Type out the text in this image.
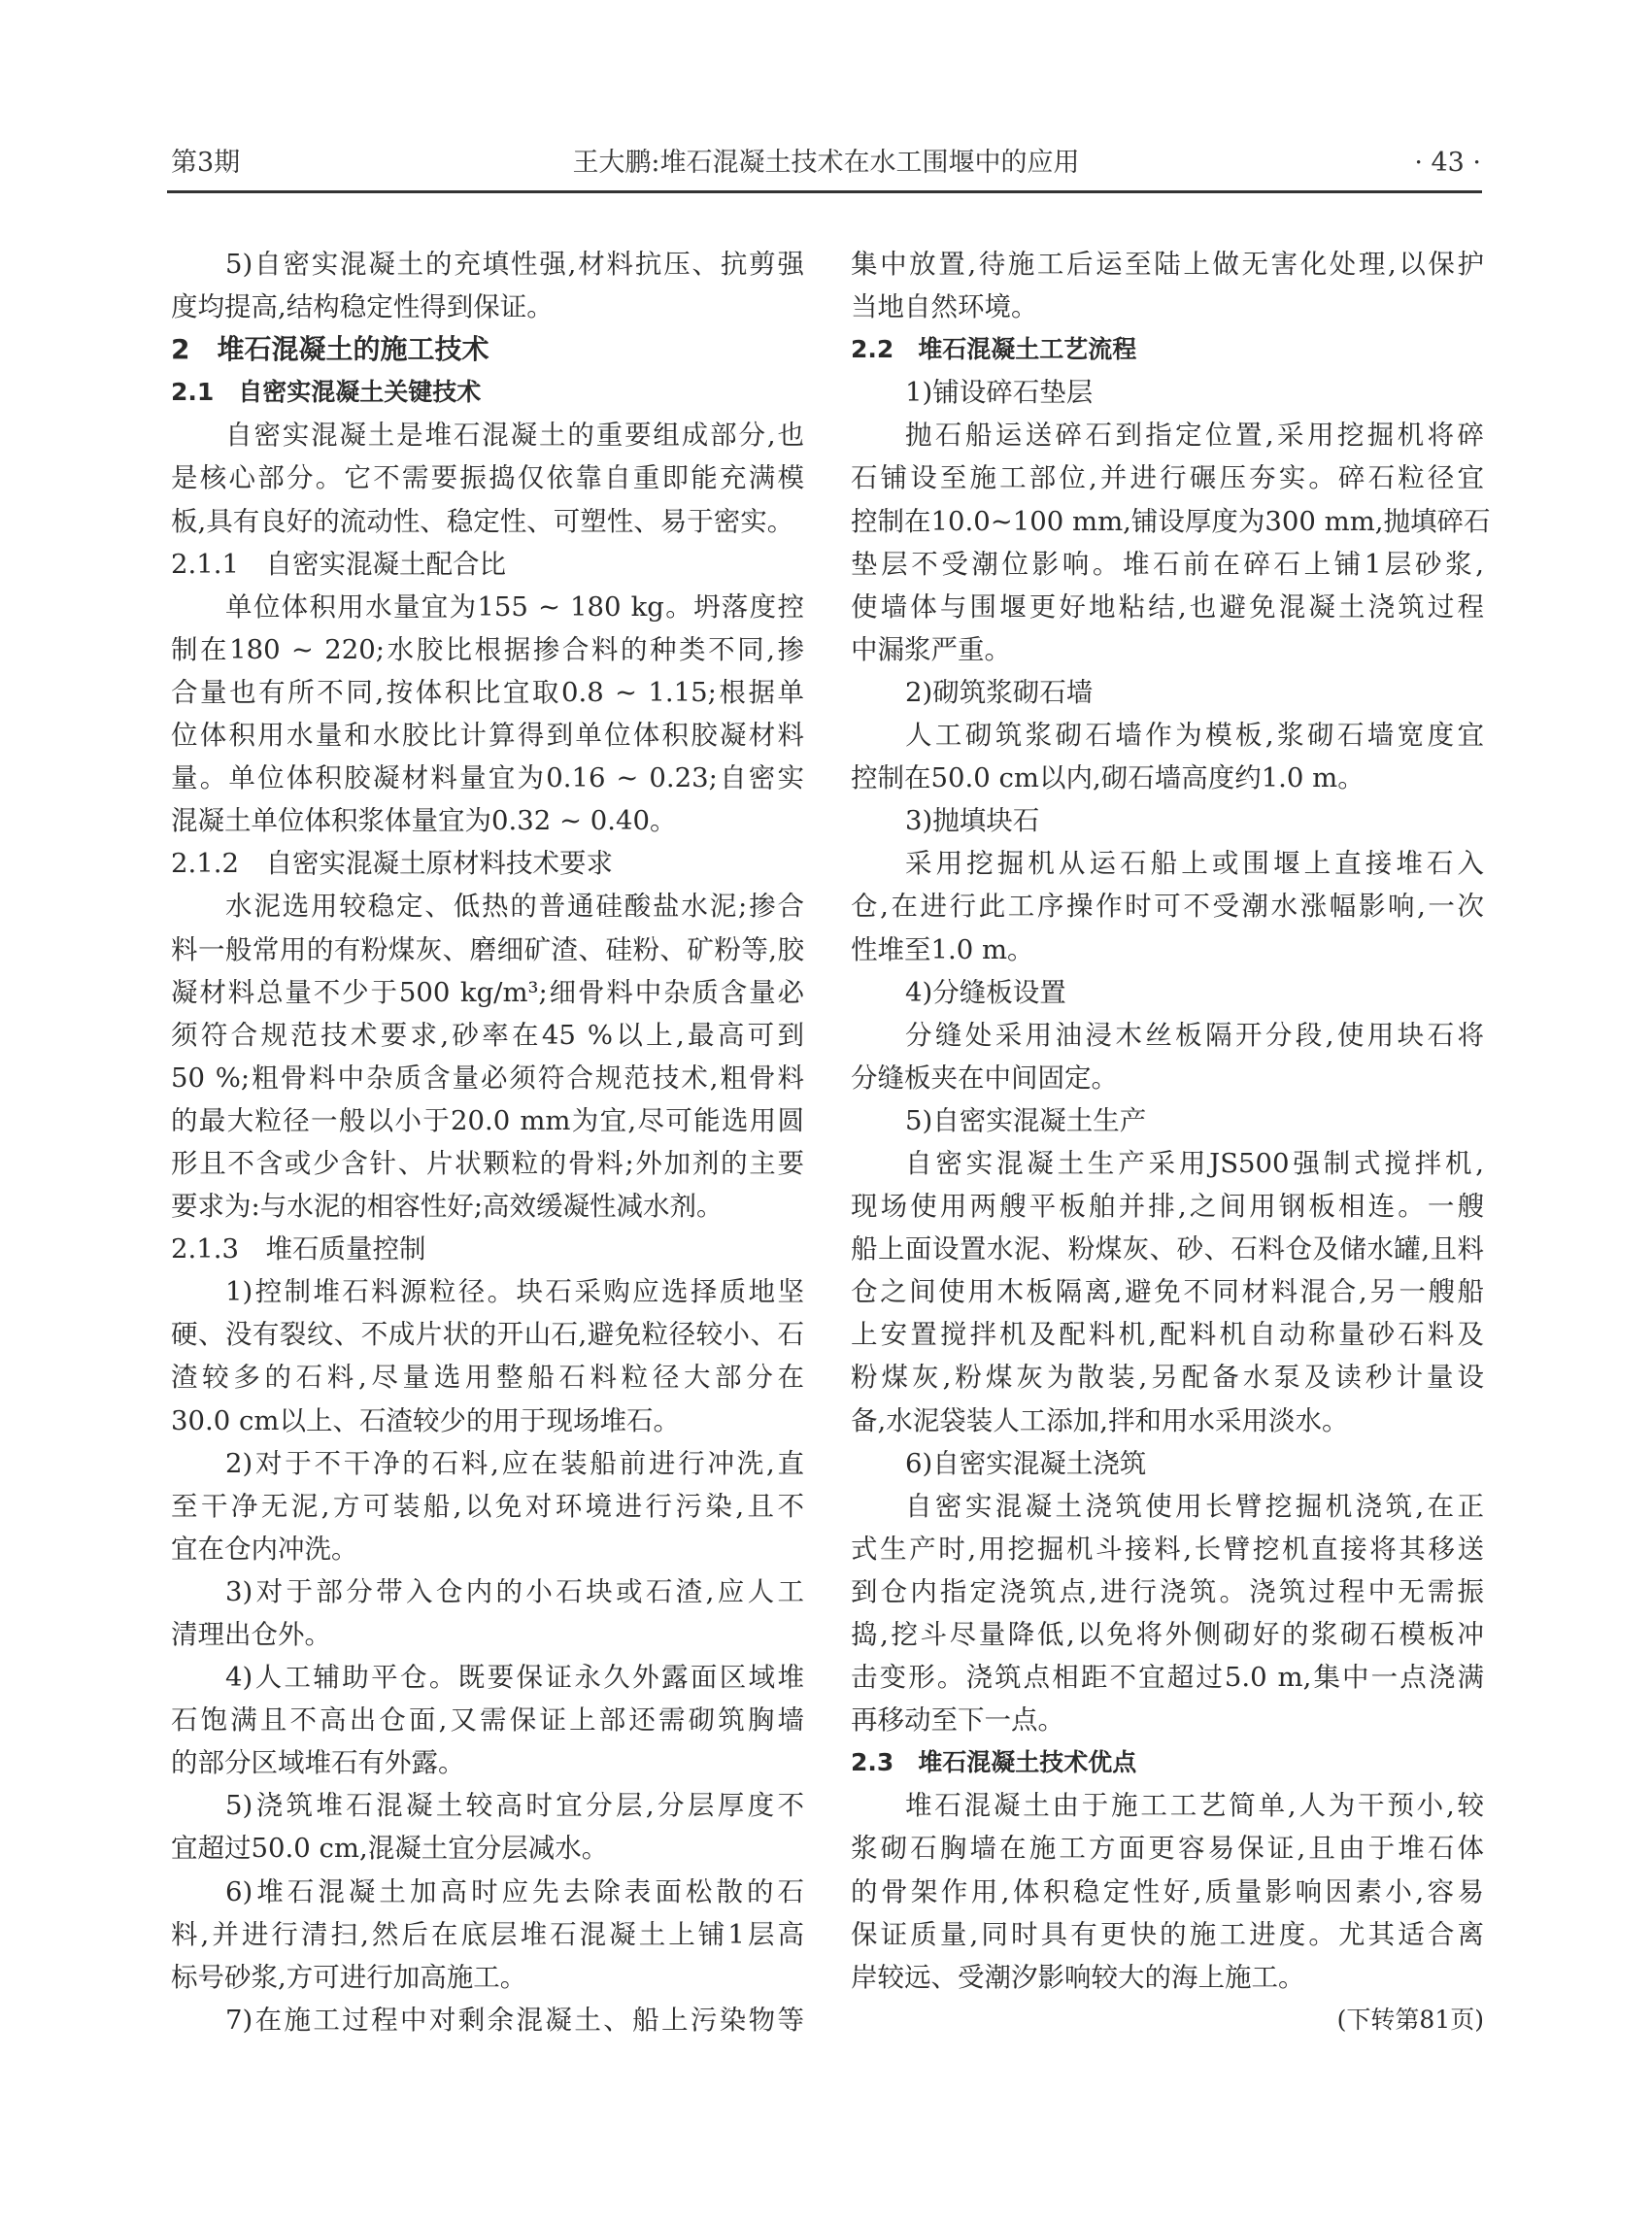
第3期	王大鹏:堆石混凝土技术在水工围堰中的应用	· 43 ·
5)自密实混凝土的充填性强,材料抗压、抗剪强
度均提高,结构稳定性得到保证。
2　堆石混凝土的施工技术
2.1　自密实混凝土关键技术
自密实混凝土是堆石混凝土的重要组成部分,也
是核心部分。它不需要振捣仅依靠自重即能充满模
板,具有良好的流动性、稳定性、可塑性、易于密实。
2.1.1　自密实混凝土配合比
单位体积用水量宜为155 ~ 180 kg。坍落度控
制在180 ~ 220;水胶比根据掺合料的种类不同,掺
合量也有所不同,按体积比宜取0.8 ~ 1.15;根据单
位体积用水量和水胶比计算得到单位体积胶凝材料
量。单位体积胶凝材料量宜为0.16 ~ 0.23;自密实
混凝土单位体积浆体量宜为0.32 ~ 0.40。
2.1.2　自密实混凝土原材料技术要求
水泥选用较稳定、低热的普通硅酸盐水泥;掺合
料一般常用的有粉煤灰、磨细矿渣、硅粉、矿粉等,胶
凝材料总量不少于500 kg/m³;细骨料中杂质含量必
须符合规范技术要求,砂率在45 %以上,最高可到
50 %;粗骨料中杂质含量必须符合规范技术,粗骨料
的最大粒径一般以小于20.0 mm为宜,尽可能选用圆
形且不含或少含针、片状颗粒的骨料;外加剂的主要
要求为:与水泥的相容性好;高效缓凝性减水剂。
2.1.3　堆石质量控制
1)控制堆石料源粒径。块石采购应选择质地坚
硬、没有裂纹、不成片状的开山石,避免粒径较小、石
渣较多的石料,尽量选用整船石料粒径大部分在
30.0 cm以上、石渣较少的用于现场堆石。
2)对于不干净的石料,应在装船前进行冲洗,直
至干净无泥,方可装船,以免对环境进行污染,且不
宜在仓内冲洗。
3)对于部分带入仓内的小石块或石渣,应人工
清理出仓外。
4)人工辅助平仓。既要保证永久外露面区域堆
石饱满且不高出仓面,又需保证上部还需砌筑胸墙
的部分区域堆石有外露。
5)浇筑堆石混凝土较高时宜分层,分层厚度不
宜超过50.0 cm,混凝土宜分层减水。
6)堆石混凝土加高时应先去除表面松散的石
料,并进行清扫,然后在底层堆石混凝土上铺1层高
标号砂浆,方可进行加高施工。
7)在施工过程中对剩余混凝土、船上污染物等
集中放置,待施工后运至陆上做无害化处理,以保护
当地自然环境。
2.2　堆石混凝土工艺流程
1)铺设碎石垫层
抛石船运送碎石到指定位置,采用挖掘机将碎
石铺设至施工部位,并进行碾压夯实。碎石粒径宜
控制在10.0~100 mm,铺设厚度为300 mm,抛填碎石
垫层不受潮位影响。堆石前在碎石上铺1层砂浆,
使墙体与围堰更好地粘结,也避免混凝土浇筑过程
中漏浆严重。
2)砌筑浆砌石墙
人工砌筑浆砌石墙作为模板,浆砌石墙宽度宜
控制在50.0 cm以内,砌石墙高度约1.0 m。
3)抛填块石
采用挖掘机从运石船上或围堰上直接堆石入
仓,在进行此工序操作时可不受潮水涨幅影响,一次
性堆至1.0 m。
4)分缝板设置
分缝处采用油浸木丝板隔开分段,使用块石将
分缝板夹在中间固定。
5)自密实混凝土生产
自密实混凝土生产采用JS500强制式搅拌机,
现场使用两艘平板舶并排,之间用钢板相连。一艘
船上面设置水泥、粉煤灰、砂、石料仓及储水罐,且料
仓之间使用木板隔离,避免不同材料混合,另一艘船
上安置搅拌机及配料机,配料机自动称量砂石料及
粉煤灰,粉煤灰为散装,另配备水泵及读秒计量设
备,水泥袋装人工添加,拌和用水采用淡水。
6)自密实混凝土浇筑
自密实混凝土浇筑使用长臂挖掘机浇筑,在正
式生产时,用挖掘机斗接料,长臂挖机直接将其移送
到仓内指定浇筑点,进行浇筑。浇筑过程中无需振
捣,挖斗尽量降低,以免将外侧砌好的浆砌石模板冲
击变形。浇筑点相距不宜超过5.0 m,集中一点浇满
再移动至下一点。
2.3　堆石混凝土技术优点
堆石混凝土由于施工工艺简单,人为干预小,较
浆砌石胸墙在施工方面更容易保证,且由于堆石体
的骨架作用,体积稳定性好,质量影响因素小,容易
保证质量,同时具有更快的施工进度。尤其适合离
岸较远、受潮汐影响较大的海上施工。
(下转第81页)
